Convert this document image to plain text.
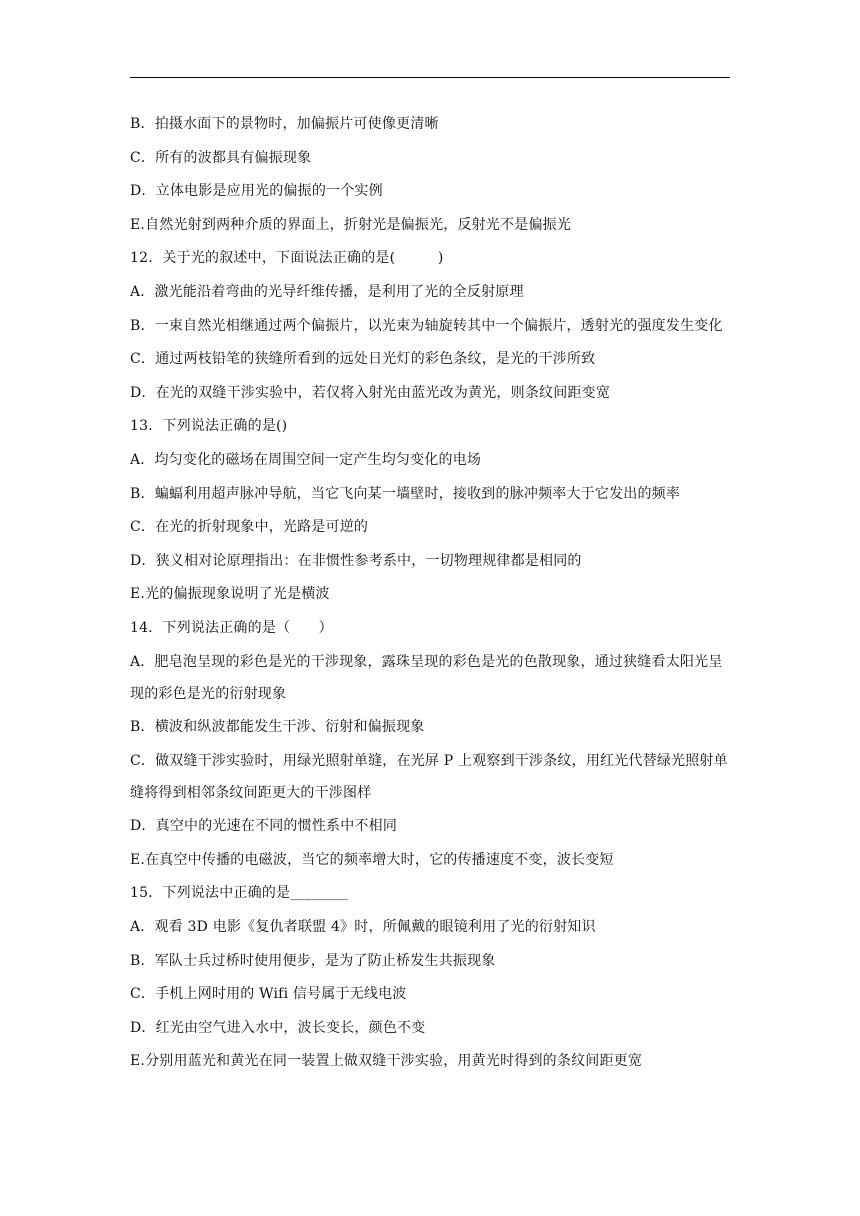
B．拍摄水面下的景物时，加偏振片可使像更清晰
C．所有的波都具有偏振现象
D．立体电影是应用光的偏振的一个实例
E.自然光射到两种介质的界面上，折射光是偏振光，反射光不是偏振光
12．关于光的叙述中，下面说法正确的是(　　　)
A．激光能沿着弯曲的光导纤维传播，是利用了光的全反射原理
B．一束自然光相继通过两个偏振片，以光束为轴旋转其中一个偏振片，透射光的强度发生变化
C．通过两枝铅笔的狭缝所看到的远处日光灯的彩色条纹，是光的干涉所致
D．在光的双缝干涉实验中，若仅将入射光由蓝光改为黄光，则条纹间距变宽
13．下列说法正确的是()
A．均匀变化的磁场在周围空间一定产生均匀变化的电场
B．蝙蝠利用超声脉冲导航，当它飞向某一墙壁时，接收到的脉冲频率大于它发出的频率
C．在光的折射现象中，光路是可逆的
D．狭义相对论原理指出：在非惯性参考系中，一切物理规律都是相同的
E.光的偏振现象说明了光是横波
14．下列说法正确的是（　　）
A．肥皂泡呈现的彩色是光的干涉现象，露珠呈现的彩色是光的色散现象，通过狭缝看太阳光呈现的彩色是光的衍射现象
B．横波和纵波都能发生干涉、衍射和偏振现象
C．做双缝干涉实验时，用绿光照射单缝，在光屏 P 上观察到干涉条纹，用红光代替绿光照射单缝将得到相邻条纹间距更大的干涉图样
D．真空中的光速在不同的惯性系中不相同
E.在真空中传播的电磁波，当它的频率增大时，它的传播速度不变，波长变短
15．下列说法中正确的是________
A．观看 3D 电影《复仇者联盟 4》时，所佩戴的眼镜利用了光的衍射知识
B．军队士兵过桥时使用便步，是为了防止桥发生共振现象
C．手机上网时用的 Wifi 信号属于无线电波
D．红光由空气进入水中，波长变长，颜色不变
E.分别用蓝光和黄光在同一装置上做双缝干涉实验，用黄光时得到的条纹间距更宽
